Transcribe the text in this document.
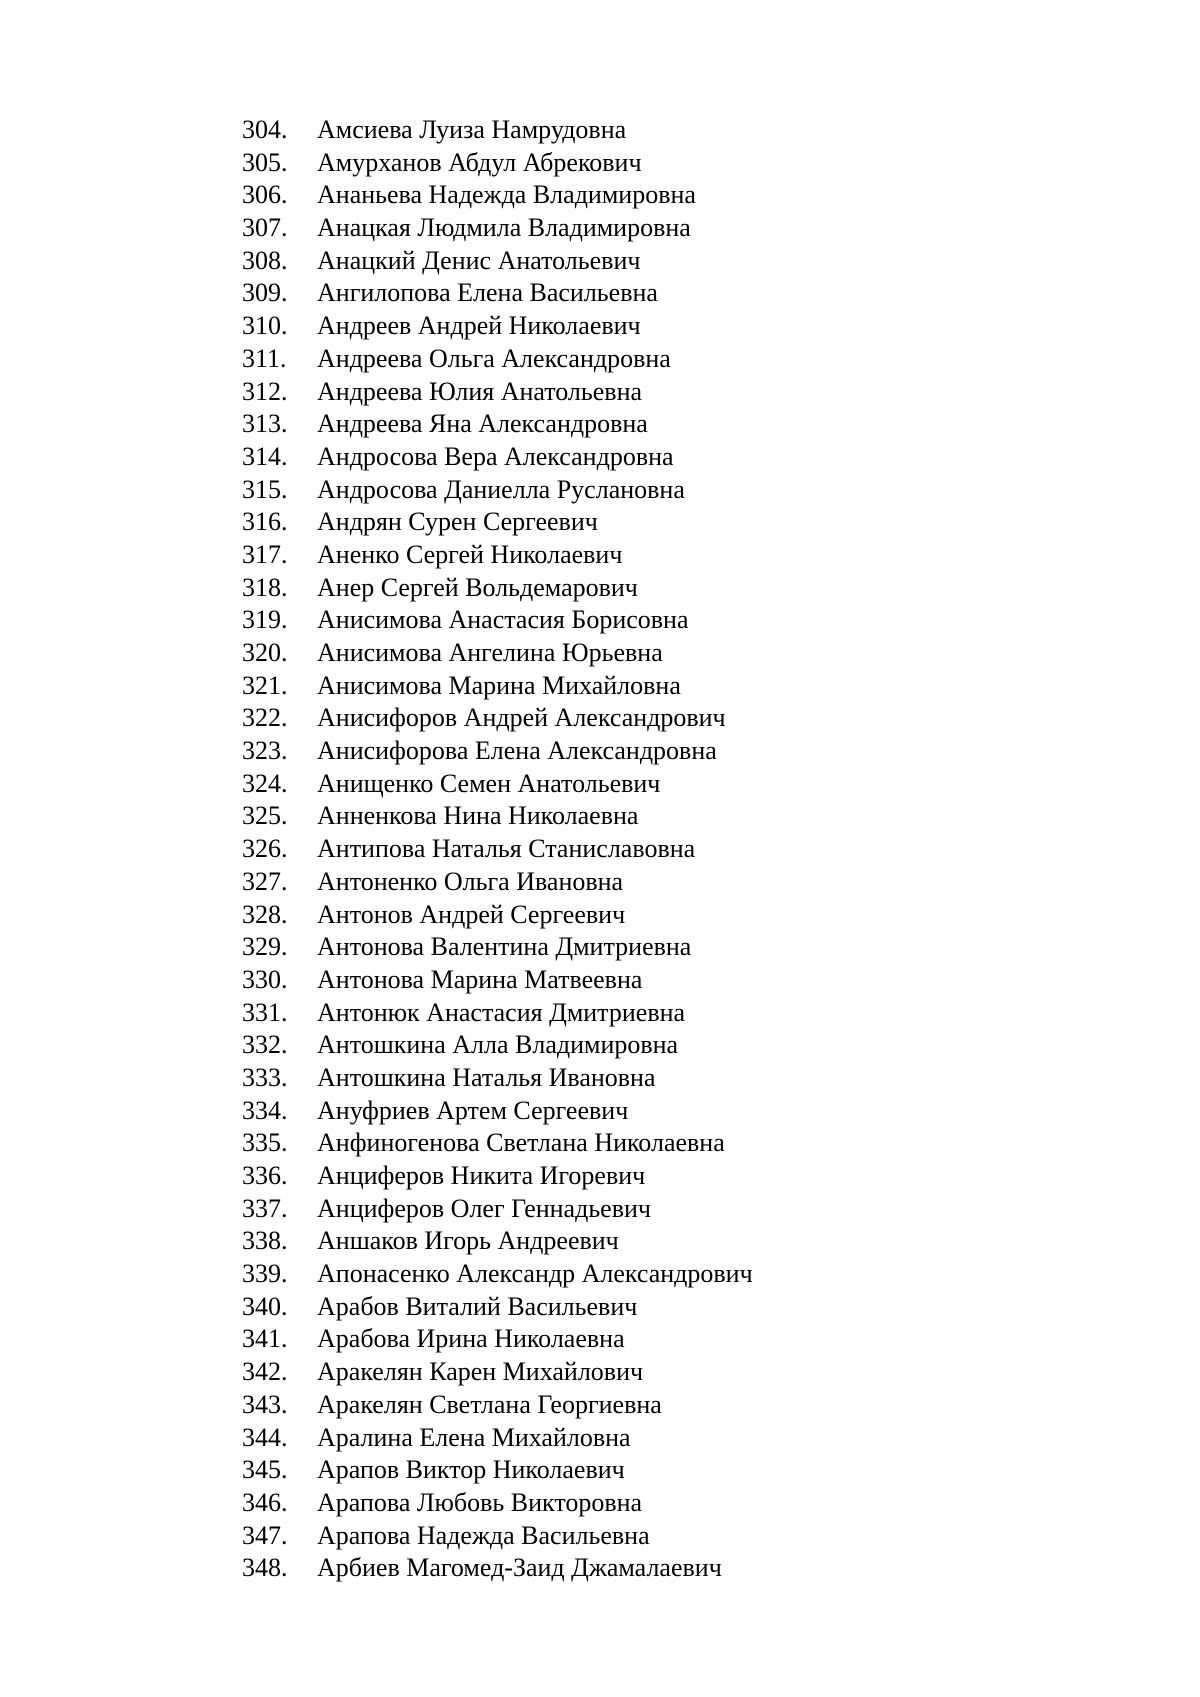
304. Амсиева Луиза Намрудовна
305. Амурханов Абдул Абрекович
306. Ананьева Надежда Владимировна
307. Анацкая Людмила Владимировна
308. Анацкий Денис Анатольевич
309. Ангилопова Елена Васильевна
310. Андреев Андрей Николаевич
311. Андреева Ольга Александровна
312. Андреева Юлия Анатольевна
313. Андреева Яна Александровна
314. Андросова Вера Александровна
315. Андросова Даниелла Руслановна
316. Андрян Сурен Сергеевич
317. Аненко Сергей Николаевич
318. Анер Сергей Вольдемарович
319. Анисимова Анастасия Борисовна
320. Анисимова Ангелина Юрьевна
321. Анисимова Марина Михайловна
322. Анисифоров Андрей Александрович
323. Анисифорова Елена Александровна
324. Анищенко Семен Анатольевич
325. Анненкова Нина Николаевна
326. Антипова Наталья Станиславовна
327. Антоненко Ольга Ивановна
328. Антонов Андрей Сергеевич
329. Антонова Валентина Дмитриевна
330. Антонова Марина Матвеевна
331. Антонюк Анастасия Дмитриевна
332. Антошкина Алла Владимировна
333. Антошкина Наталья Ивановна
334. Ануфриев Артем Сергеевич
335. Анфиногенова Светлана Николаевна
336. Анциферов Никита Игоревич
337. Анциферов Олег Геннадьевич
338. Аншаков Игорь Андреевич
339. Апонасенко Александр Александрович
340. Арабов Виталий Васильевич
341. Арабова Ирина Николаевна
342. Аракелян Карен Михайлович
343. Аракелян Светлана Георгиевна
344. Аралина Елена Михайловна
345. Арапов Виктор Николаевич
346. Арапова Любовь Викторовна
347. Арапова Надежда Васильевна
348. Арбиев Магомед-Заид Джамалаевич
